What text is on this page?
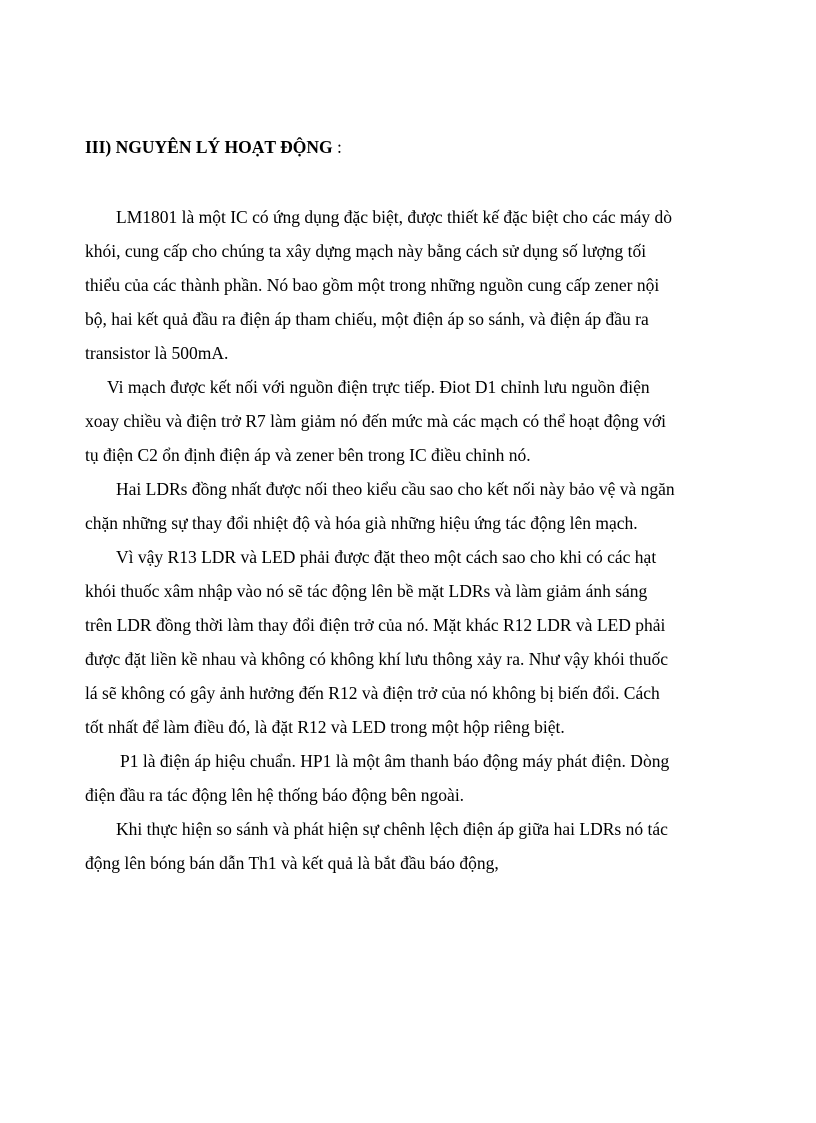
III) NGUYÊN LÝ HOẠT ĐỘNG :
LM1801 là một IC có ứng dụng đặc biệt, được thiết kế đặc biệt cho các máy dò
khói, cung cấp cho chúng ta xây dựng mạch này bằng cách sử dụng số lượng tối
thiểu của các thành phần. Nó bao gồm một trong những nguồn cung cấp zener nội
bộ, hai kết quả đầu ra điện áp tham chiếu, một điện áp so sánh, và điện áp đầu ra
transistor là 500mA.
Vi mạch được kết nối với nguồn điện trực tiếp. Điot D1 chỉnh lưu nguồn điện
xoay chiều và điện trở R7 làm giảm nó đến mức mà các mạch có thể hoạt động với
tụ điện C2 ổn định điện áp và zener bên trong IC điều chỉnh nó.
Hai LDRs đồng nhất được nối theo kiểu cầu sao cho kết nối này bảo vệ và ngăn
chặn những sự thay đổi nhiệt độ và hóa già những hiệu ứng tác động lên mạch.
Vì vậy R13 LDR và LED phải được đặt theo một cách sao cho khi có các hạt
khói thuốc xâm nhập vào nó sẽ tác động lên bề mặt LDRs và làm giảm ánh sáng
trên LDR đồng thời làm thay đổi điện trở của nó. Mặt khác R12 LDR và LED phải
được đặt liền kề nhau và không có không khí lưu thông xảy ra. Như vậy khói thuốc
lá sẽ không có gây ảnh hưởng đến R12 và điện trở của nó không bị biến đổi. Cách
tốt nhất để làm điều đó, là đặt R12 và LED trong một hộp riêng biệt.
P1 là điện áp hiệu chuẩn. HP1 là một âm thanh báo động máy phát điện. Dòng
điện đầu ra tác động lên hệ thống báo động bên ngoài.
Khi thực hiện so sánh và phát hiện sự chênh lệch điện áp giữa hai LDRs nó tác
động lên bóng bán dẫn Th1 và kết quả là bắt đầu báo động,
